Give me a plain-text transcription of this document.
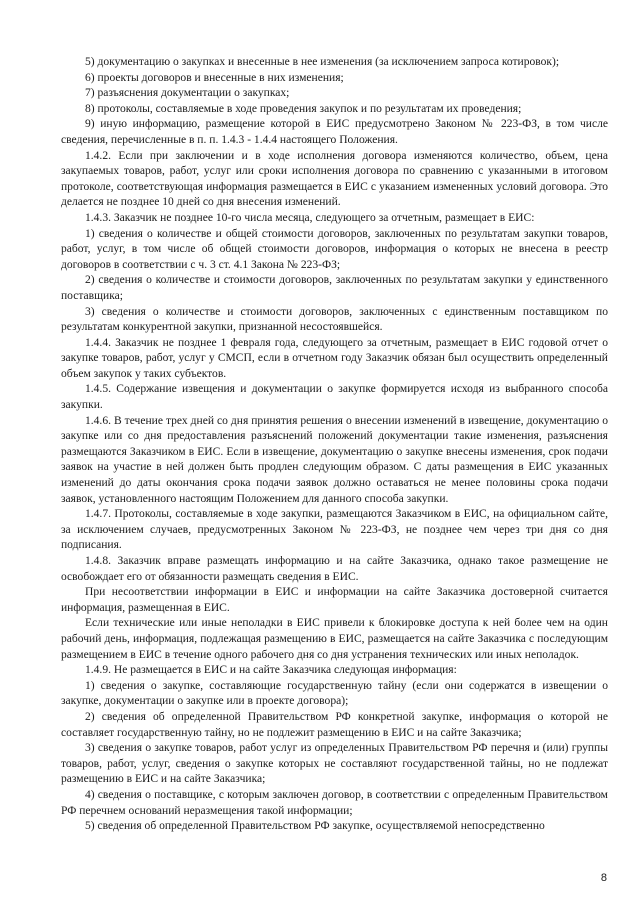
5) документацию о закупках и внесенные в нее изменения (за исключением запроса котировок);

6) проекты договоров и внесенные в них изменения;

7) разъяснения документации о закупках;

8) протоколы, составляемые в ходе проведения закупок и по результатам их проведения;

9) иную информацию, размещение которой в ЕИС предусмотрено Законом № 223-ФЗ, в том числе сведения, перечисленные в п. п. 1.4.3 - 1.4.4 настоящего Положения.

1.4.2. Если при заключении и в ходе исполнения договора изменяются количество, объем, цена закупаемых товаров, работ, услуг или сроки исполнения договора по сравнению с указанными в итоговом протоколе, соответствующая информация размещается в ЕИС с указанием измененных условий договора. Это делается не позднее 10 дней со дня внесения изменений.

1.4.3. Заказчик не позднее 10-го числа месяца, следующего за отчетным, размещает в ЕИС:

1) сведения о количестве и общей стоимости договоров, заключенных по результатам закупки товаров, работ, услуг, в том числе об общей стоимости договоров, информация о которых не внесена в реестр договоров в соответствии с ч. 3 ст. 4.1 Закона № 223-ФЗ;

2) сведения о количестве и стоимости договоров, заключенных по результатам закупки у единственного поставщика;

3) сведения о количестве и стоимости договоров, заключенных с единственным поставщиком по результатам конкурентной закупки, признанной несостоявшейся.

1.4.4. Заказчик не позднее 1 февраля года, следующего за отчетным, размещает в ЕИС годовой отчет о закупке товаров, работ, услуг у СМСП, если в отчетном году Заказчик обязан был осуществить определенный объем закупок у таких субъектов.

1.4.5. Содержание извещения и документации о закупке формируется исходя из выбранного способа закупки.

1.4.6. В течение трех дней со дня принятия решения о внесении изменений в извещение, документацию о закупке или со дня предоставления разъяснений положений документации такие изменения, разъяснения размещаются Заказчиком в ЕИС. Если в извещение, документацию о закупке внесены изменения, срок подачи заявок на участие в ней должен быть продлен следующим образом. С даты размещения в ЕИС указанных изменений до даты окончания срока подачи заявок должно оставаться не менее половины срока подачи заявок, установленного настоящим Положением для данного способа закупки.

1.4.7. Протоколы, составляемые в ходе закупки, размещаются Заказчиком в ЕИС, на официальном сайте, за исключением случаев, предусмотренных Законом № 223-ФЗ, не позднее чем через три дня со дня подписания.

1.4.8. Заказчик вправе размещать информацию и на сайте Заказчика, однако такое размещение не освобождает его от обязанности размещать сведения в ЕИС.

При несоответствии информации в ЕИС и информации на сайте Заказчика достоверной считается информация, размещенная в ЕИС.

Если технические или иные неполадки в ЕИС привели к блокировке доступа к ней более чем на один рабочий день, информация, подлежащая размещению в ЕИС, размещается на сайте Заказчика с последующим размещением в ЕИС в течение одного рабочего дня со дня устранения технических или иных неполадок.

1.4.9. Не размещается в ЕИС и на сайте Заказчика следующая информация:

1) сведения о закупке, составляющие государственную тайну (если они содержатся в извещении о закупке, документации о закупке или в проекте договора);

2) сведения об определенной Правительством РФ конкретной закупке, информация о которой не составляет государственную тайну, но не подлежит размещению в ЕИС и на сайте Заказчика;

3) сведения о закупке товаров, работ услуг из определенных Правительством РФ перечня и (или) группы товаров, работ, услуг, сведения о закупке которых не составляют государственной тайны, но не подлежат размещению в ЕИС и на сайте Заказчика;

4) сведения о поставщике, с которым заключен договор, в соответствии с определенным Правительством РФ перечнем оснований неразмещения такой информации;

5) сведения об определенной Правительством РФ закупке, осуществляемой непосредственно

8
